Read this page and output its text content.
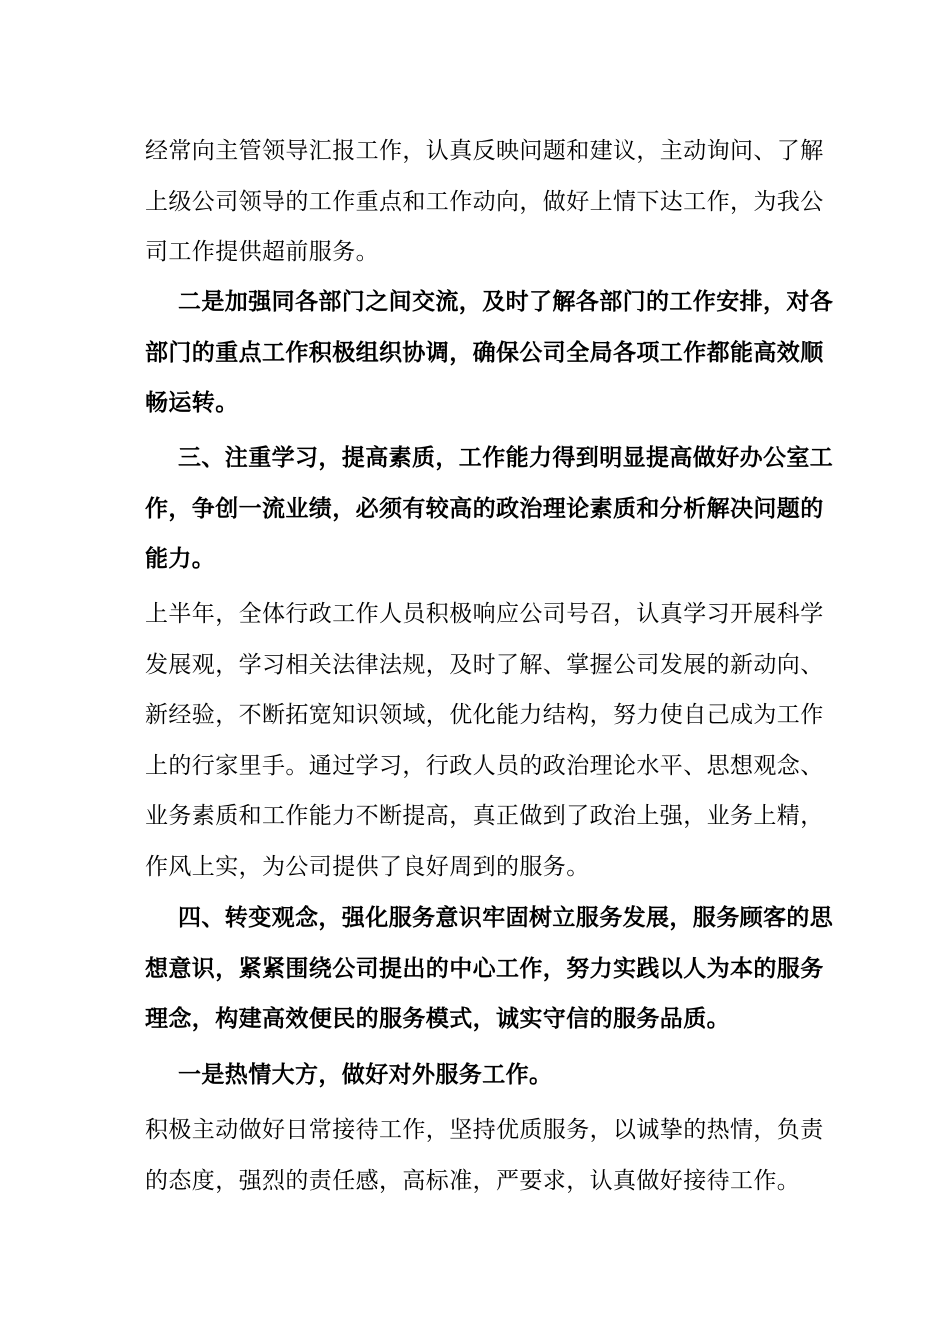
经常向主管领导汇报工作，认真反映问题和建议，主动询问、了解
上级公司领导的工作重点和工作动向，做好上情下达工作，为我公
司工作提供超前服务。
二是加强同各部门之间交流，及时了解各部门的工作安排，对各
部门的重点工作积极组织协调，确保公司全局各项工作都能高效顺
畅运转。
三、注重学习，提高素质，工作能力得到明显提高做好办公室工
作，争创一流业绩，必须有较高的政治理论素质和分析解决问题的
能力。
上半年，全体行政工作人员积极响应公司号召，认真学习开展科学
发展观，学习相关法律法规，及时了解、掌握公司发展的新动向、
新经验，不断拓宽知识领域，优化能力结构，努力使自己成为工作
上的行家里手。通过学习，行政人员的政治理论水平、思想观念、
业务素质和工作能力不断提高，真正做到了政治上强，业务上精，
作风上实，为公司提供了良好周到的服务。
四、转变观念，强化服务意识牢固树立服务发展，服务顾客的思
想意识，紧紧围绕公司提出的中心工作，努力实践以人为本的服务
理念，构建高效便民的服务模式，诚实守信的服务品质。
一是热情大方，做好对外服务工作。
积极主动做好日常接待工作，坚持优质服务，以诚挚的热情，负责
的态度，强烈的责任感，高标准，严要求，认真做好接待工作。
